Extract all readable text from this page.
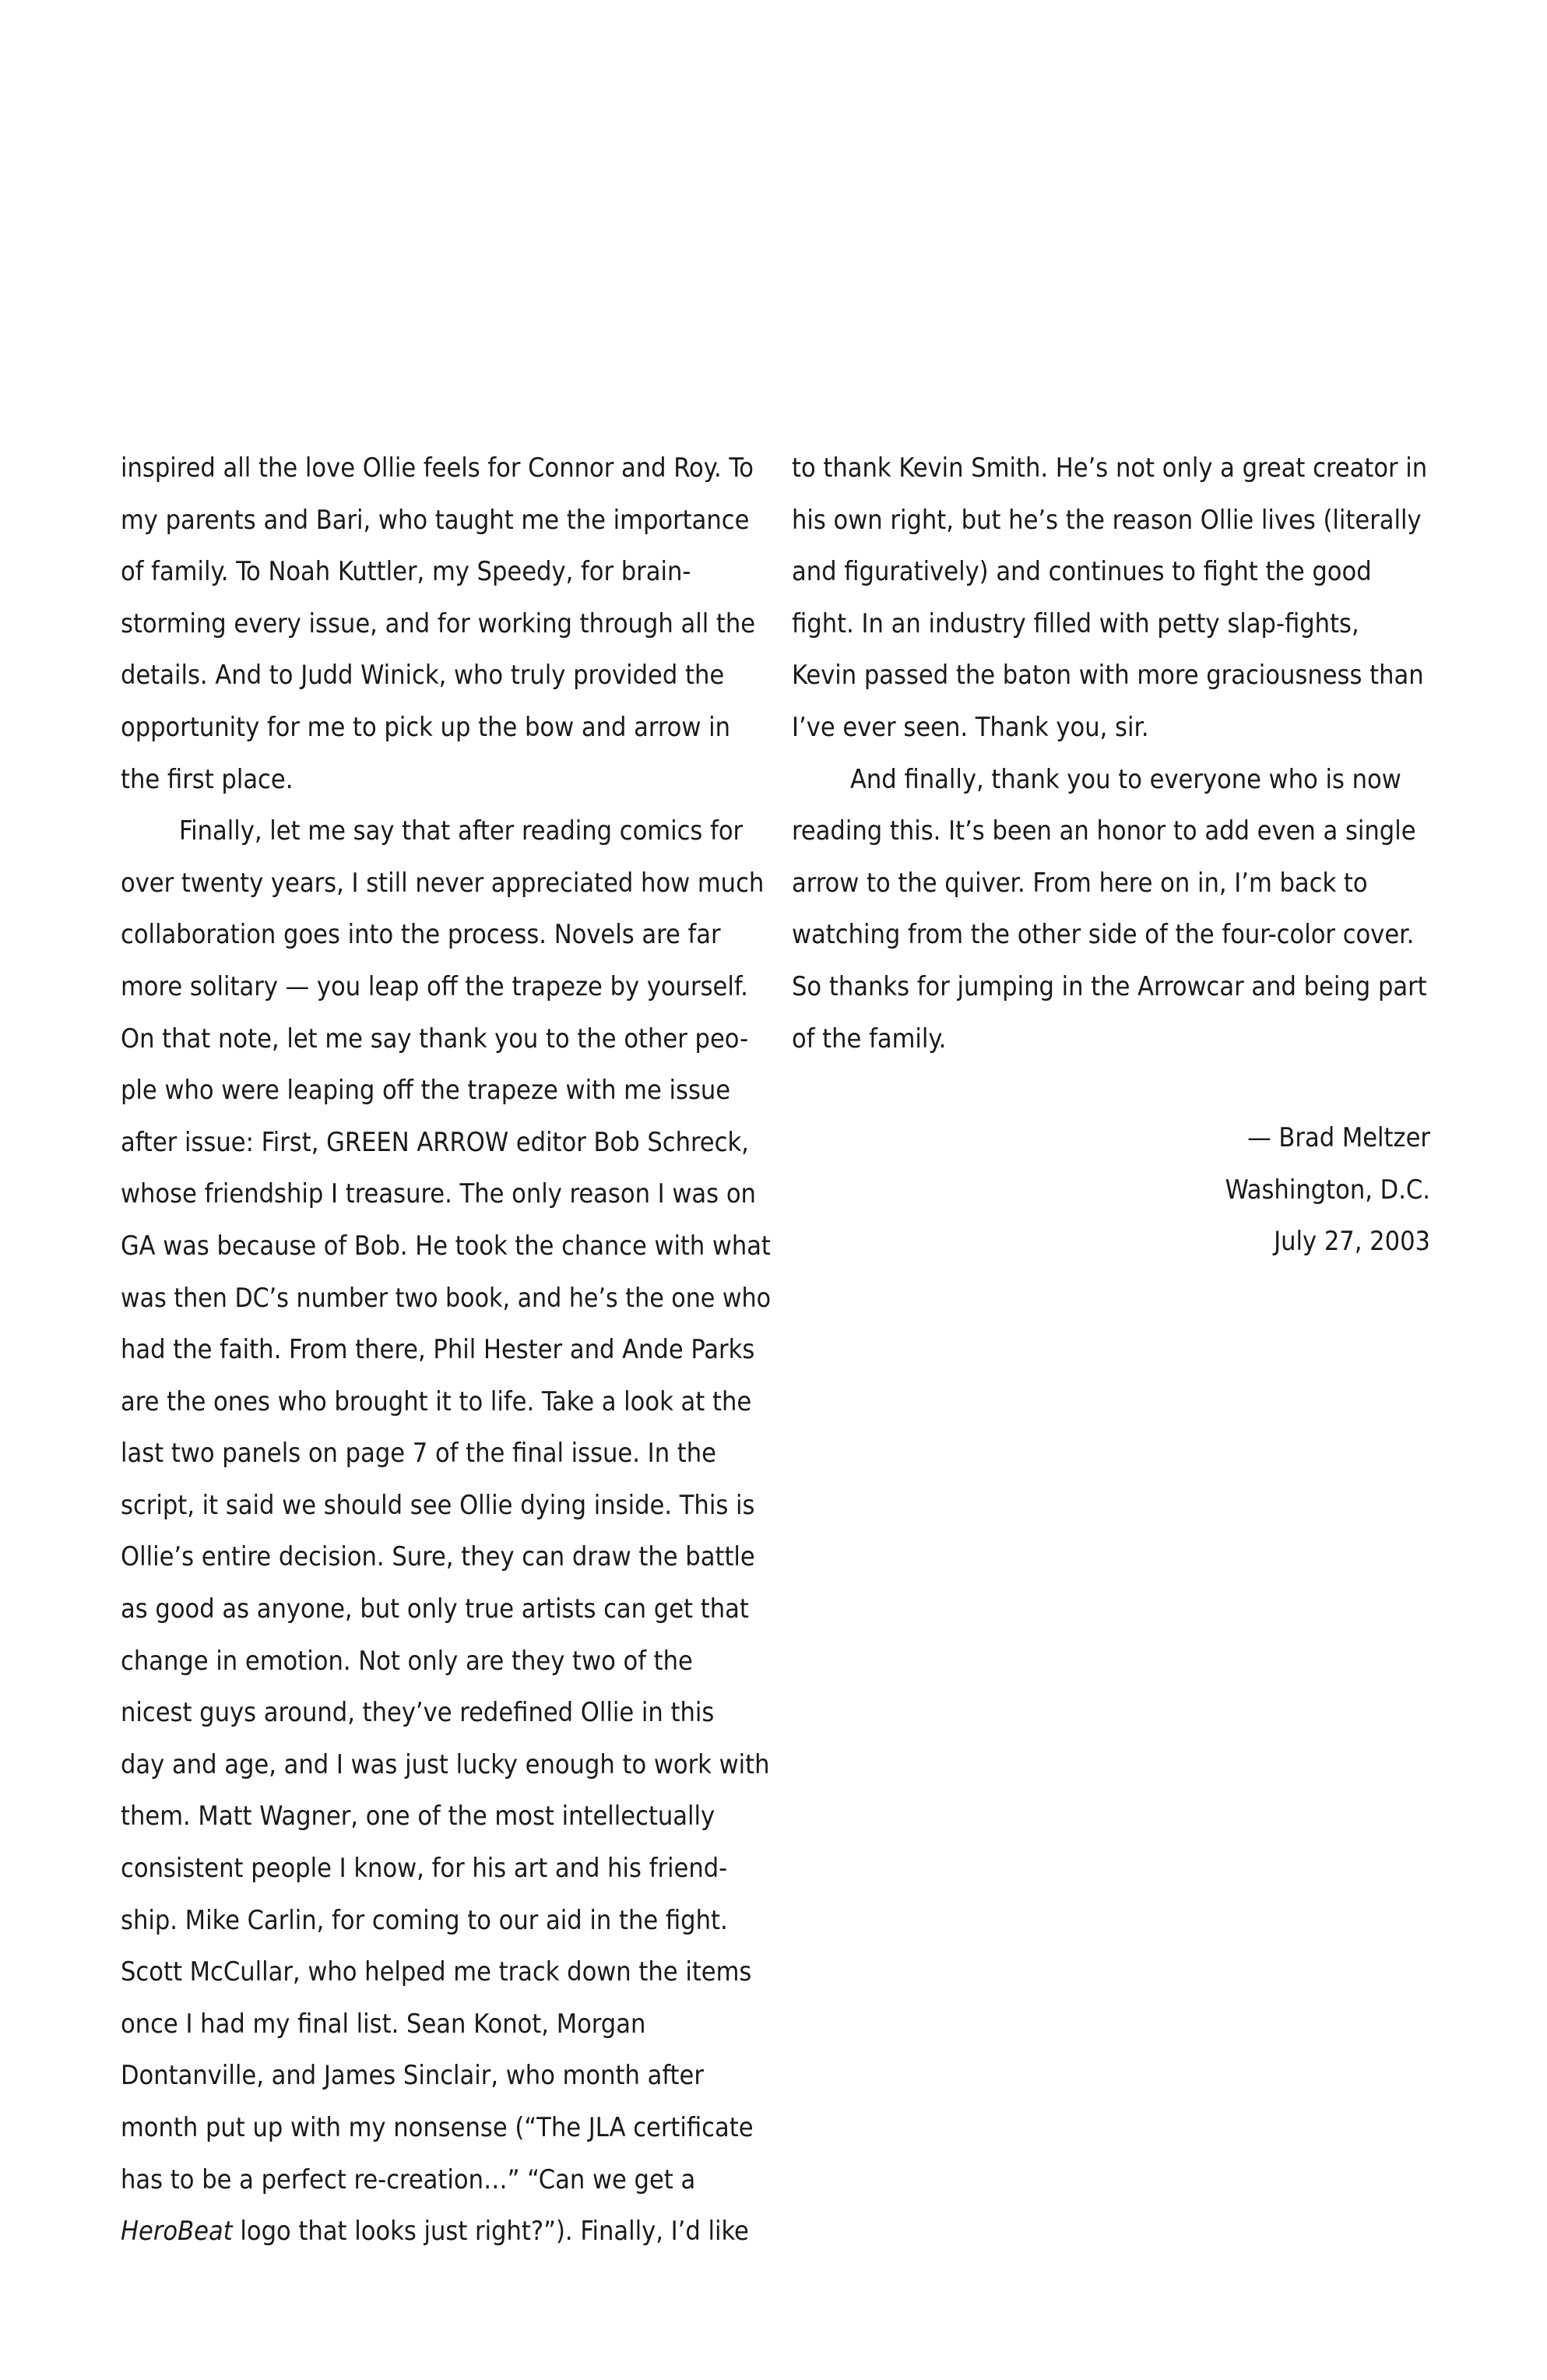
inspired all the love Ollie feels for Connor and Roy. To
my parents and Bari, who taught me the importance
of family. To Noah Kuttler, my Speedy, for brain-
storming every issue, and for working through all the
details. And to Judd Winick, who truly provided the
opportunity for me to pick up the bow and arrow in
the first place.
Finally, let me say that after reading comics for
over twenty years, I still never appreciated how much
collaboration goes into the process. Novels are far
more solitary — you leap off the trapeze by yourself.
On that note, let me say thank you to the other peo-
ple who were leaping off the trapeze with me issue
after issue: First, GREEN ARROW editor Bob Schreck,
whose friendship I treasure. The only reason I was on
GA was because of Bob. He took the chance with what
was then DC’s number two book, and he’s the one who
had the faith. From there, Phil Hester and Ande Parks
are the ones who brought it to life. Take a look at the
last two panels on page 7 of the final issue. In the
script, it said we should see Ollie dying inside. This is
Ollie’s entire decision. Sure, they can draw the battle
as good as anyone, but only true artists can get that
change in emotion. Not only are they two of the
nicest guys around, they’ve redefined Ollie in this
day and age, and I was just lucky enough to work with
them. Matt Wagner, one of the most intellectually
consistent people I know, for his art and his friend-
ship. Mike Carlin, for coming to our aid in the fight.
Scott McCullar, who helped me track down the items
once I had my final list. Sean Konot, Morgan
Dontanville, and James Sinclair, who month after
month put up with my nonsense (“The JLA certificate
has to be a perfect re-creation…” “Can we get a
HeroBeat logo that looks just right?”). Finally, I’d like
to thank Kevin Smith. He’s not only a great creator in
his own right, but he’s the reason Ollie lives (literally
and figuratively) and continues to fight the good
fight. In an industry filled with petty slap-fights,
Kevin passed the baton with more graciousness than
I’ve ever seen. Thank you, sir.
And finally, thank you to everyone who is now
reading this. It’s been an honor to add even a single
arrow to the quiver. From here on in, I’m back to
watching from the other side of the four-color cover.
So thanks for jumping in the Arrowcar and being part
of the family.
— Brad Meltzer
Washington, D.C.
July 27, 2003
